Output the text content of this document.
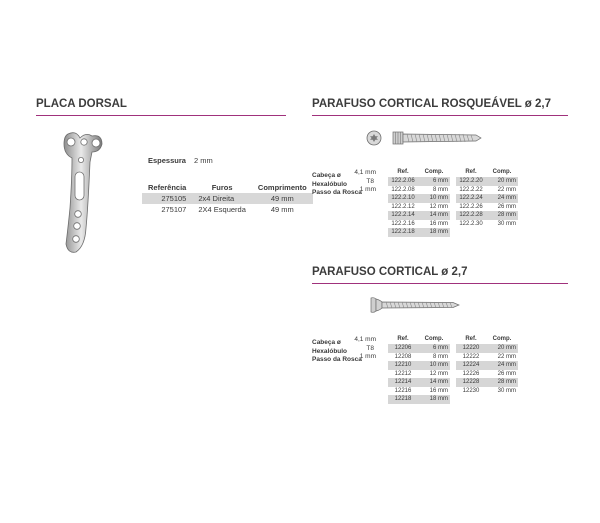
PLACA DORSAL
Espessura 2 mm
Referência	Furos	Comprimento
275105	2x4 Direita	49 mm
275107	2X4 Esquerda	49 mm
PARAFUSO CORTICAL ROSQUEÁVEL ø 2,7
Cabeça ø 4,1 mm
Hexalóbulo	T8
Passo da Rosca
1 mm
Ref.	Comp.
122.2.06	6 mm
122.2.08	8 mm
122.2.10	10 mm
122.2.12	12 mm
122.2.14	14 mm
122.2.16	16 mm
122.2.18	18 mm
Ref.	Comp.
122.2.20	20 mm
122.2.22	22 mm
122.2.24	24 mm
122.2.26	26 mm
122.2.28	28 mm
122.2.30	30 mm
PARAFUSO CORTICAL ø 2,7
Cabeça ø 4,1 mm
Hexalóbulo	T8
Passo da Rosca
1 mm
Ref.	Comp.
12206	6 mm
12208	8 mm
12210	10 mm
12212	12 mm
12214	14 mm
12216	16 mm
12218	18 mm
Ref.	Comp.
12220	20 mm
12222	22 mm
12224	24 mm
12226	26 mm
12228	28 mm
12230	30 mm
